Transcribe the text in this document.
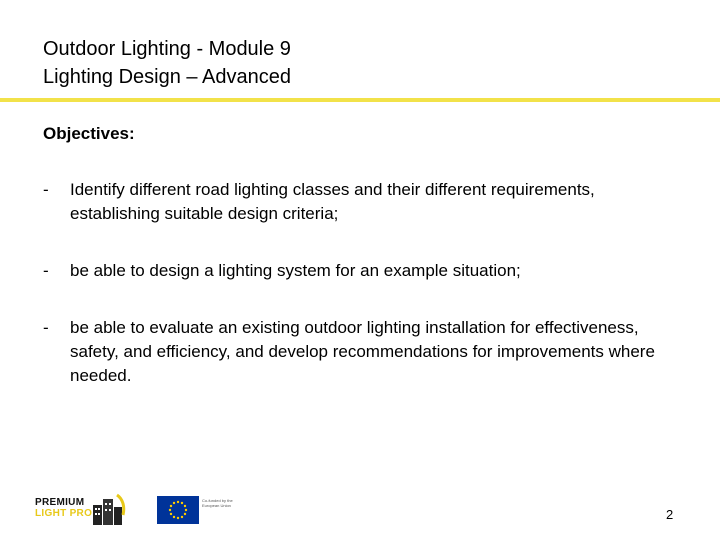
Outdoor Lighting - Module 9
Lighting Design – Advanced

Objectives:

- Identify different road lighting classes and their different requirements, establishing suitable design criteria;
- be able to design a lighting system for an example situation;
- be able to evaluate an existing outdoor lighting installation for effectiveness, safety, and efficiency, and develop recommendations for improvements where needed.
PREMIUM
LIGHT PRO
Co-funded by the European Union
2
